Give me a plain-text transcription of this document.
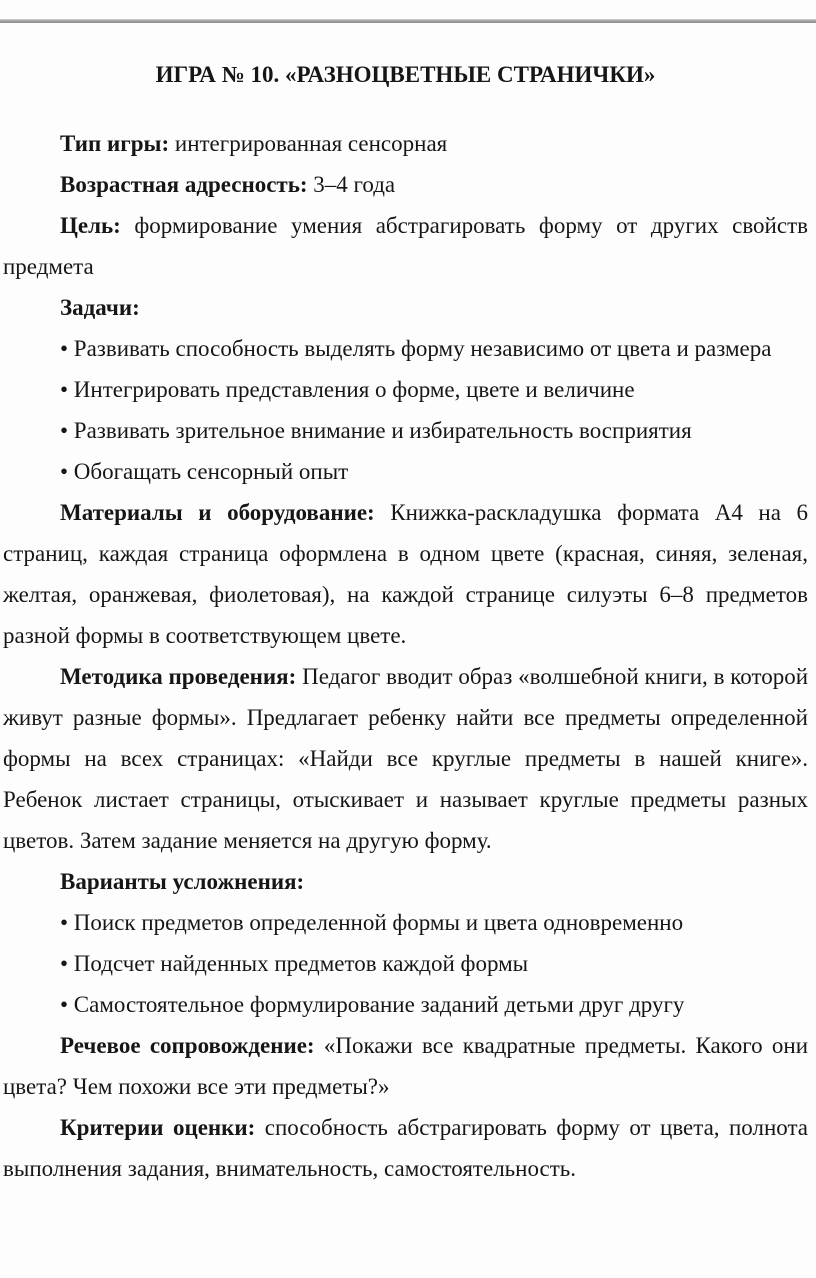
ИГРА № 10. «РАЗНОЦВЕТНЫЕ СТРАНИЧКИ»

Тип игры: интегрированная сенсорная

Возрастная адресность: 3–4 года

Цель: формирование умения абстрагировать форму от других свойств предмета

Задачи:

• Развивать способность выделять форму независимо от цвета и размера

• Интегрировать представления о форме, цвете и величине

• Развивать зрительное внимание и избирательность восприятия

• Обогащать сенсорный опыт

Материалы и оборудование: Книжка-раскладушка формата А4 на 6 страниц, каждая страница оформлена в одном цвете (красная, синяя, зеленая, желтая, оранжевая, фиолетовая), на каждой странице силуэты 6–8 предметов разной формы в соответствующем цвете.

Методика проведения: Педагог вводит образ «волшебной книги, в которой живут разные формы». Предлагает ребенку найти все предметы определенной формы на всех страницах: «Найди все круглые предметы в нашей книге». Ребенок листает страницы, отыскивает и называет круглые предметы разных цветов. Затем задание меняется на другую форму.

Варианты усложнения:

• Поиск предметов определенной формы и цвета одновременно

• Подсчет найденных предметов каждой формы

• Самостоятельное формулирование заданий детьми друг другу

Речевое сопровождение: «Покажи все квадратные предметы. Какого они цвета? Чем похожи все эти предметы?»

Критерии оценки: способность абстрагировать форму от цвета, полнота выполнения задания, внимательность, самостоятельность.
